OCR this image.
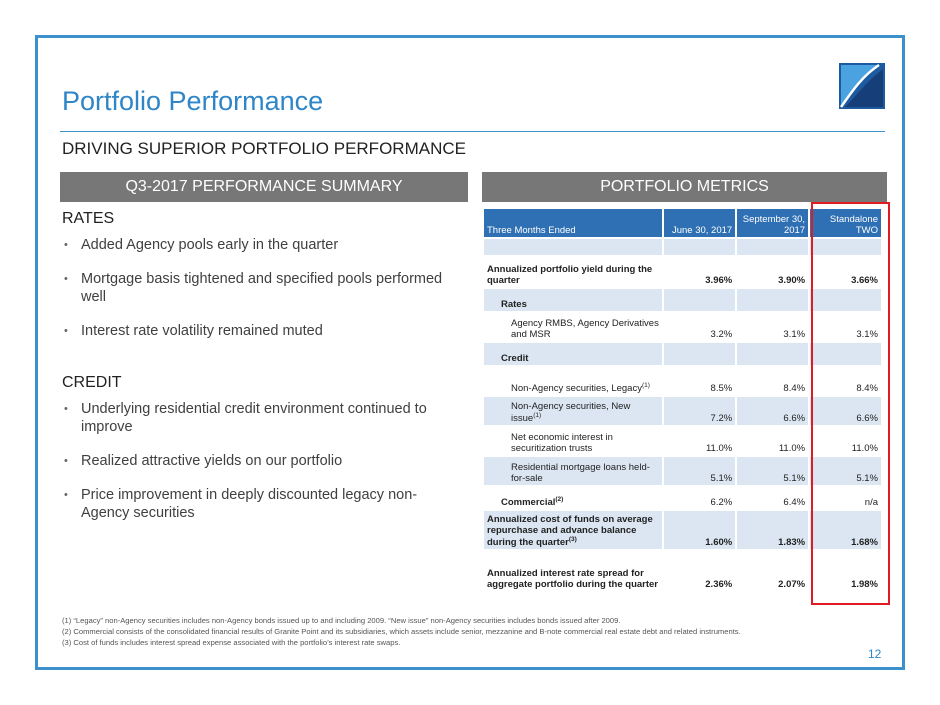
Portfolio Performance
DRIVING SUPERIOR PORTFOLIO PERFORMANCE
Q3-2017 PERFORMANCE SUMMARY	PORTFOLIO METRICS
RATES
• Added Agency pools early in the quarter
• Mortgage basis tightened and specified pools performed well
• Interest rate volatility remained muted
CREDIT
• Underlying residential credit environment continued to improve
• Realized attractive yields on our portfolio
• Price improvement in deeply discounted legacy non-Agency securities
Three Months Ended	June 30, 2017	September 30, 2017	Standalone TWO

Annualized portfolio yield during the quarter	3.96%	3.90%	3.66%
Rates			
Agency RMBS, Agency Derivatives and MSR	3.2%	3.1%	3.1%
Credit			
Non-Agency securities, Legacy$^{(1)}$	8.5%	8.4%	8.4%
Non-Agency securities, New issue$^{(1)}$	7.2%	6.6%	6.6%
Net economic interest in securitization trusts	11.0%	11.0%	11.0%
Residential mortgage loans held-for-sale	5.1%	5.1%	5.1%
Commercial$^{(2)}$	6.2%	6.4%	n/a
Annualized cost of funds on average repurchase and advance balance during the quarter$^{(3)}$	1.60%	1.83%	1.68%
Annualized interest rate spread for aggregate portfolio during the quarter	2.36%	2.07%	1.98%
(1) “Legacy” non-Agency securities includes non-Agency bonds issued up to and including 2009. “New issue” non-Agency securities includes bonds issued after 2009.
(2) Commercial consists of the consolidated financial results of Granite Point and its subsidiaries, which assets include senior, mezzanine and B-note commercial real estate debt and related instruments.
(3) Cost of funds includes interest spread expense associated with the portfolio’s interest rate swaps.
12
